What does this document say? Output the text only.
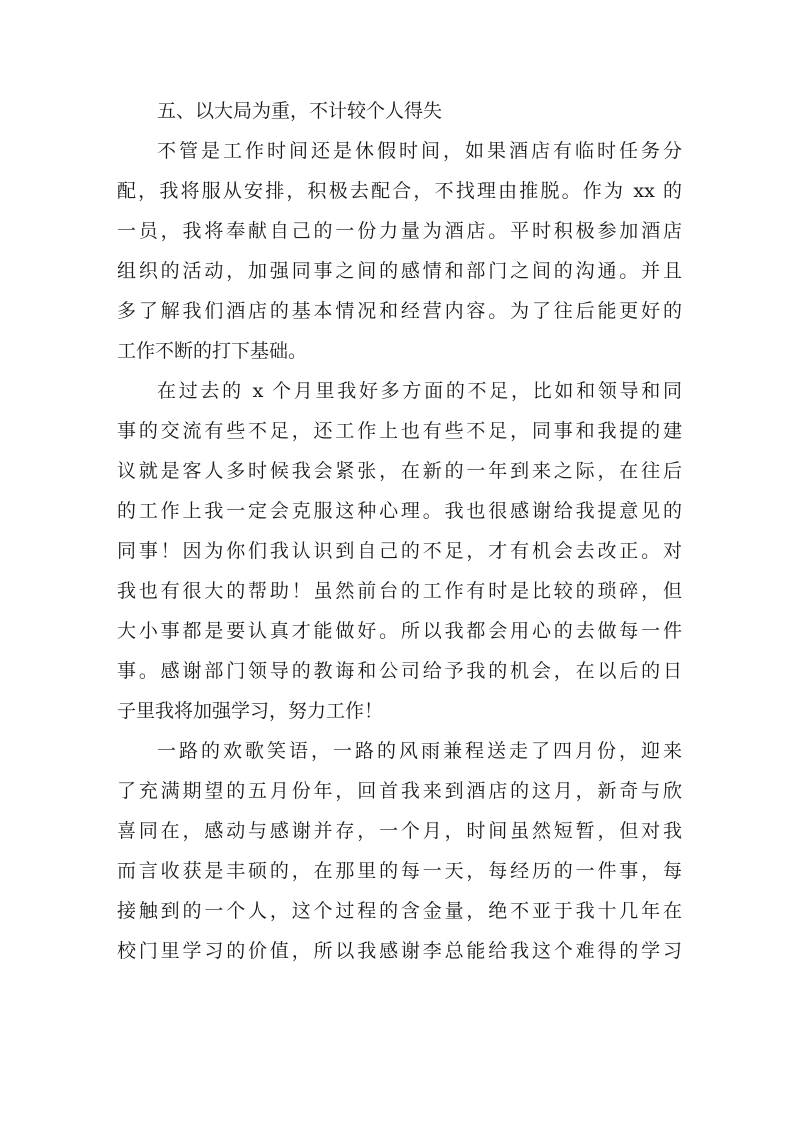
五、以大局为重，不计较个人得失

不管是工作时间还是休假时间，如果酒店有临时任务分
配，我将服从安排，积极去配合，不找理由推脱。作为 xx 的
一员，我将奉献自己的一份力量为酒店。平时积极参加酒店
组织的活动，加强同事之间的感情和部门之间的沟通。并且
多了解我们酒店的基本情况和经营内容。为了往后能更好的
工作不断的打下基础。
在过去的 x 个月里我好多方面的不足，比如和领导和同
事的交流有些不足，还工作上也有些不足，同事和我提的建
议就是客人多时候我会紧张，在新的一年到来之际，在往后
的工作上我一定会克服这种心理。我也很感谢给我提意见的
同事！因为你们我认识到自己的不足，才有机会去改正。对
我也有很大的帮助！虽然前台的工作有时是比较的琐碎，但
大小事都是要认真才能做好。所以我都会用心的去做每一件
事。感谢部门领导的教诲和公司给予我的机会，在以后的日
子里我将加强学习，努力工作！
一路的欢歌笑语，一路的风雨兼程送走了四月份，迎来
了充满期望的五月份年，回首我来到酒店的这月，新奇与欣
喜同在，感动与感谢并存，一个月，时间虽然短暂，但对我
而言收获是丰硕的，在那里的每一天，每经历的一件事，每
接触到的一个人，这个过程的含金量，绝不亚于我十几年在
校门里学习的价值，所以我感谢李总能给我这个难得的学习
